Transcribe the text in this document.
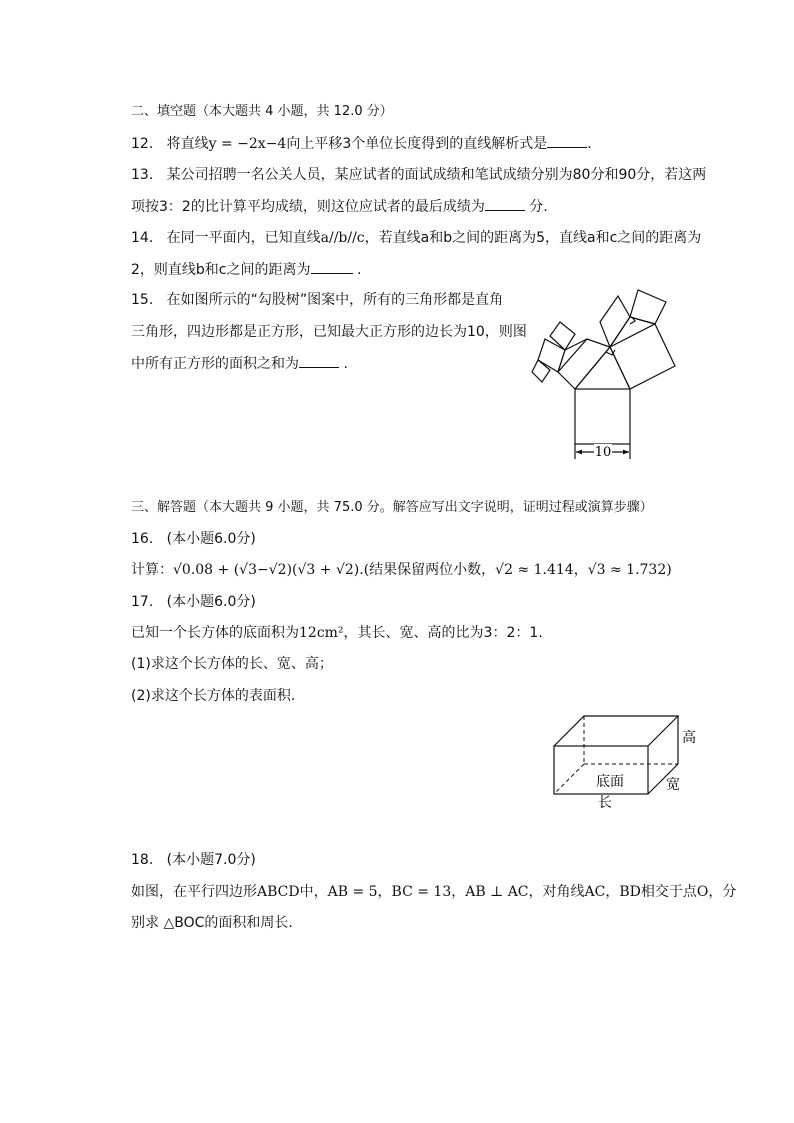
二、填空题（本大题共 4 小题，共 12.0 分）
12. 将直线y = −2x−4向上平移3个单位长度得到的直线解析式是	.
13. 某公司招聘一名公关人员，某应试者的面试成绩和笔试成绩分别为80分和90分，若这两
项按3：2的比计算平均成绩，则这位应试者的最后成绩为	分.
14. 在同一平面内，已知直线a//b//c，若直线a和b之间的距离为5，直线a和c之间的距离为
2，则直线b和c之间的距离为	.
15. 在如图所示的“勾股树”图案中，所有的三角形都是直角
三角形，四边形都是正方形，已知最大正方形的边长为10，则图
中所有正方形的面积之和为	.
10
三、解答题（本大题共 9 小题，共 75.0 分。解答应写出文字说明，证明过程或演算步骤）
16. (本小题6.0分)
计算：√0.08 + (√3−√2)(√3 + √2).(结果保留两位小数，√2 ≈ 1.414，√3 ≈ 1.732)
17. (本小题6.0分)
已知一个长方体的底面积为12cm²，其长、宽、高的比为3：2：1.
(1)求这个长方体的长、宽、高；
(2)求这个长方体的表面积.
高
底面	宽
长
18. (本小题7.0分)
如图，在平行四边形ABCD中，AB = 5，BC = 13，AB ⊥ AC，对角线AC，BD相交于点O，分
别求 △BOC的面积和周长.
